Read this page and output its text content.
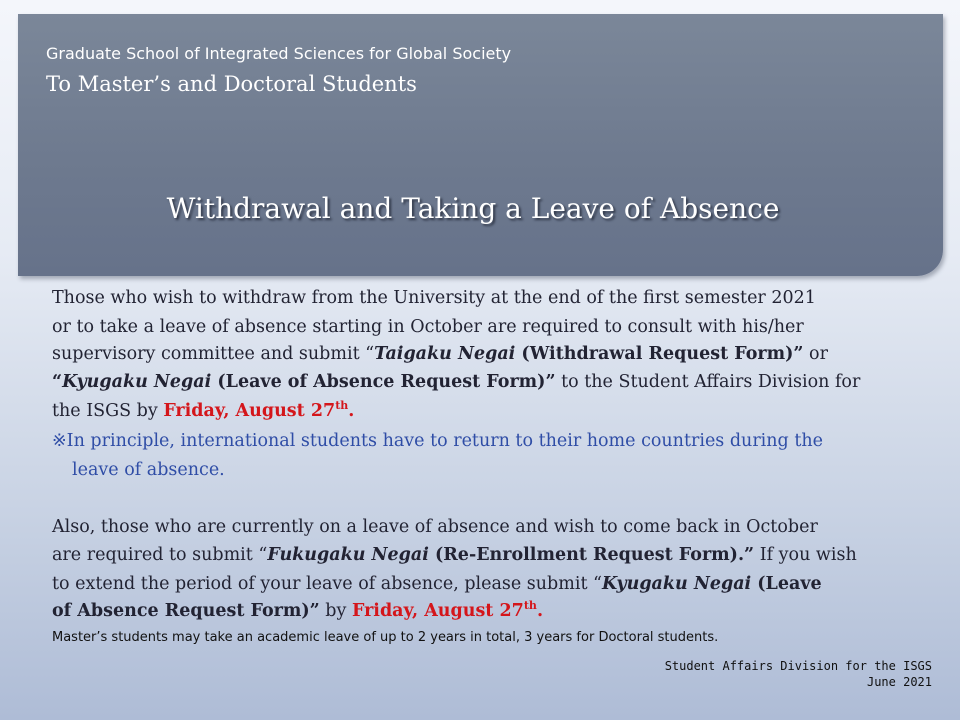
Graduate School of Integrated Sciences for Global Society
To Master’s and Doctoral Students
Withdrawal and Taking a Leave of Absence
Those who wish to withdraw from the University at the end of the first semester 2021
or to take a leave of absence starting in October are required to consult with his/her
supervisory committee and submit “Taigaku Negai (Withdrawal Request Form)” or
“Kyugaku Negai (Leave of Absence Request Form)” to the Student Affairs Division for
the ISGS by Friday, August 27th.
※In principle, international students have to return to their home countries during the
leave of absence.
Also, those who are currently on a leave of absence and wish to come back in October
are required to submit “Fukugaku Negai (Re-Enrollment Request Form).” If you wish
to extend the period of your leave of absence, please submit “Kyugaku Negai (Leave
of Absence Request Form)” by Friday, August 27th.
Master’s students may take an academic leave of up to 2 years in total, 3 years for Doctoral students.
Student Affairs Division for the ISGS
June 2021
